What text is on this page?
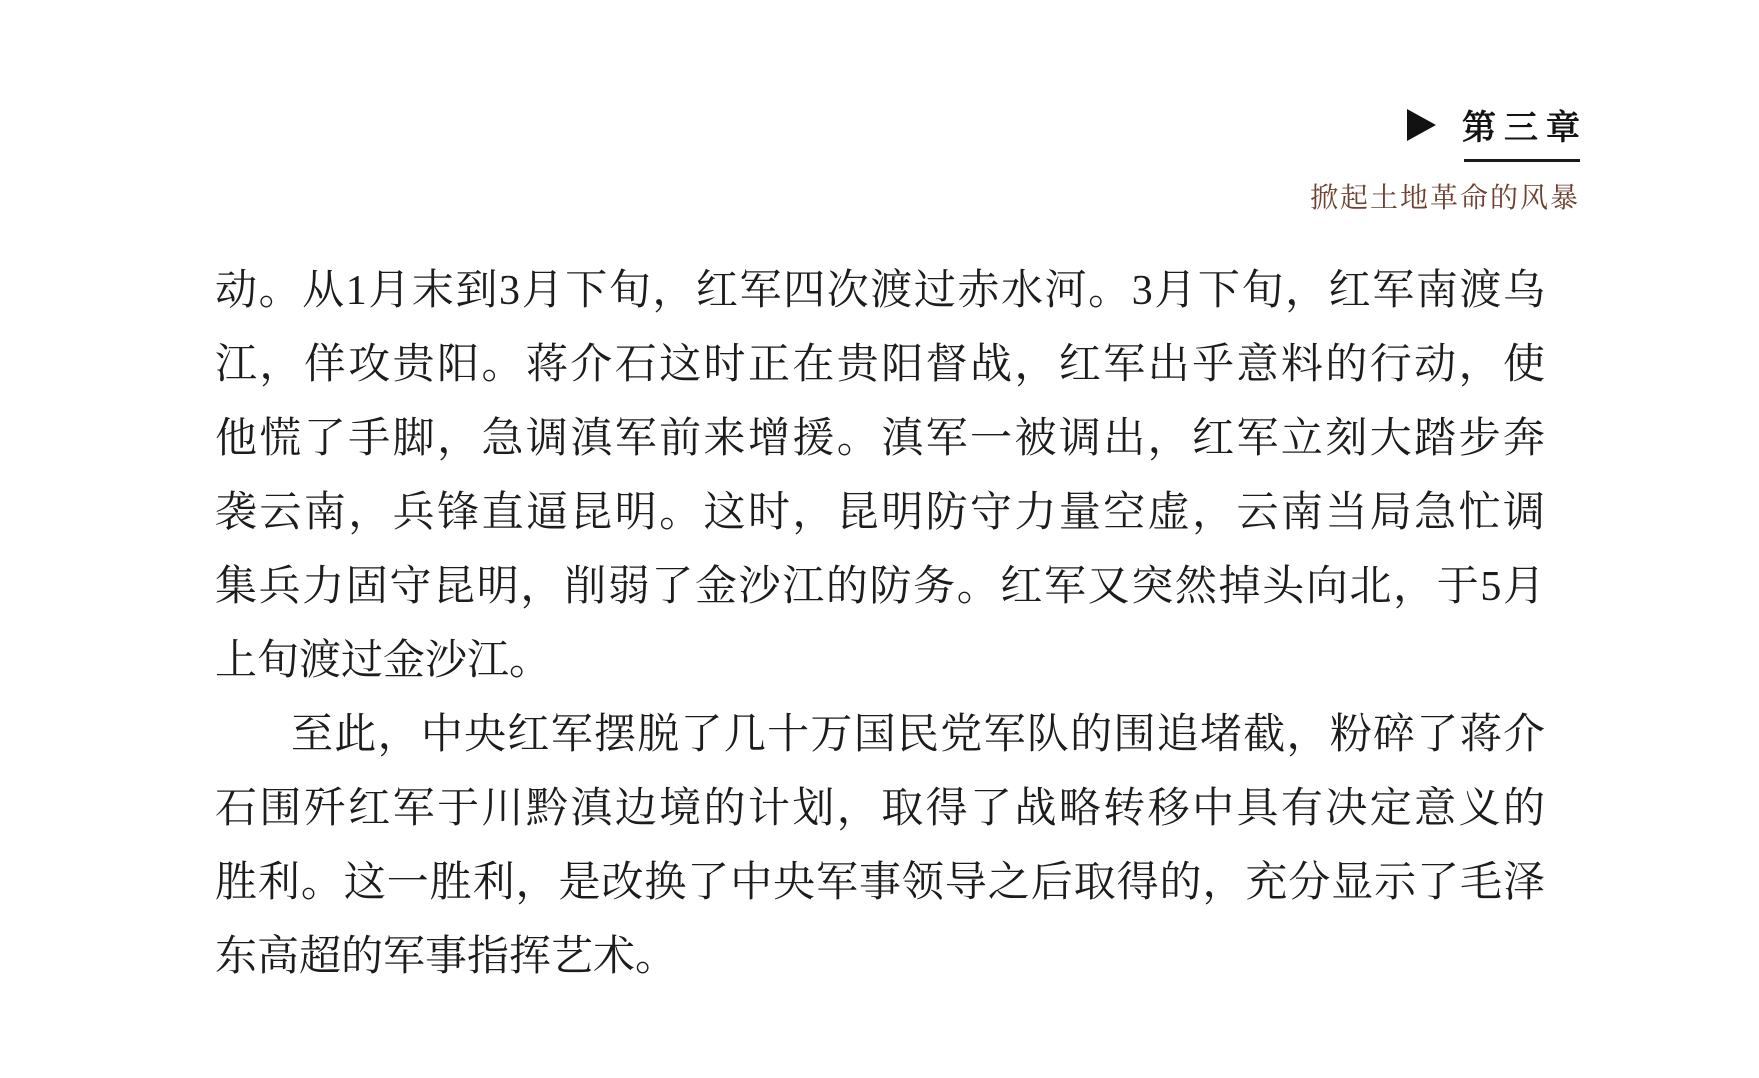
第三章
掀起土地革命的风暴

动。从1月末到3月下旬，红军四次渡过赤水河。3月下旬，红军南渡乌

江，佯攻贵阳。蒋介石这时正在贵阳督战，红军出乎意料的行动，使

他慌了手脚，急调滇军前来增援。滇军一被调出，红军立刻大踏步奔

袭云南，兵锋直逼昆明。这时，昆明防守力量空虚，云南当局急忙调

集兵力固守昆明，削弱了金沙江的防务。红军又突然掉头向北，于5月

上旬渡过金沙江。

至此，中央红军摆脱了几十万国民党军队的围追堵截，粉碎了蒋介

石围歼红军于川黔滇边境的计划，取得了战略转移中具有决定意义的

胜利。这一胜利，是改换了中央军事领导之后取得的，充分显示了毛泽

东高超的军事指挥艺术。
